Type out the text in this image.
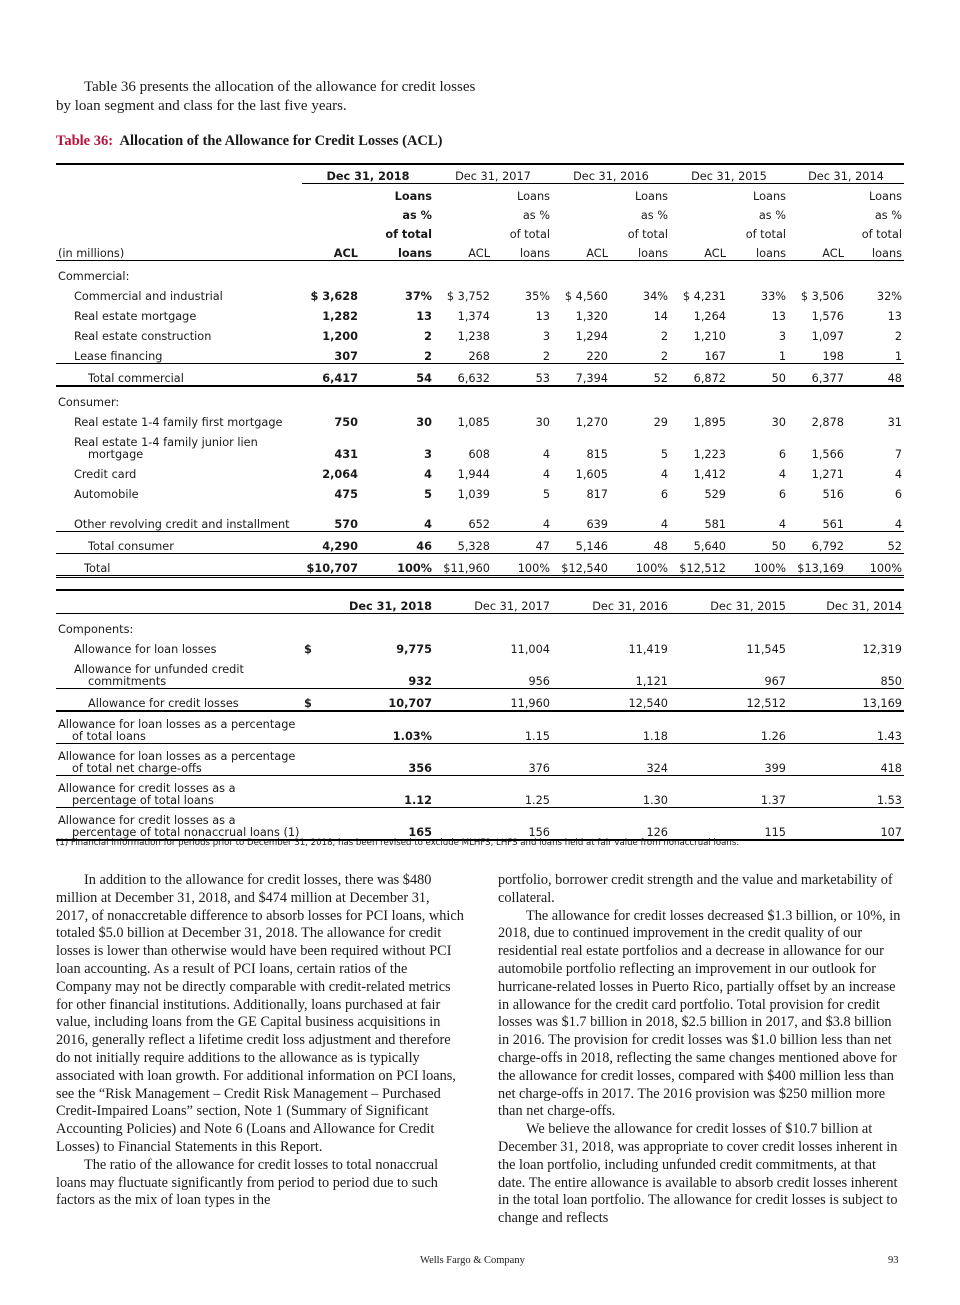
Table 36 presents the allocation of the allowance for credit losses by loan segment and class for the last five years.

Table 36: Allocation of the Allowance for Credit Losses (ACL)
	Dec 31, 2018		Dec 31, 2017		Dec 31, 2016		Dec 31, 2015		Dec 31, 2014	
		Loans		Loans		Loans		Loans		Loans
		as %		as %		as %		as %		as %
		of total		of total		of total		of total		of total
(in millions)	ACL	loans	ACL	loans	ACL	loans	ACL	loans	ACL	loans
Commercial:										
Commercial and industrial	$ 3,628	37%	$ 3,752	35%	$ 4,560	34%	$ 4,231	33%	$ 3,506	32%
Real estate mortgage	1,282	13	1,374	13	1,320	14	1,264	13	1,576	13
Real estate construction	1,200	2	1,238	3	1,294	2	1,210	3	1,097	2
Lease financing	307	2	268	2	220	2	167	1	198	1
Total commercial	6,417	54	6,632	53	7,394	52	6,872	50	6,377	48
Consumer:										
Real estate 1-4 family first mortgage	750	30	1,085	30	1,270	29	1,895	30	2,878	31
Real estate 1-4 family junior lien
mortgage	431	3	608	4	815	5	1,223	6	1,566	7
Credit card	2,064	4	1,944	4	1,605	4	1,412	4	1,271	4
Automobile	475	5	1,039	5	817	6	529	6	516	6

Other revolving credit and installment	570	4	652	4	639	4	581	4	561	4
Total consumer	4,290	46	5,328	47	5,146	48	5,640	50	6,792	52
Total	$10,707	100%	$11,960	100%	$12,540	100%	$12,512	100%	$13,169	100%
		Dec 31, 2018	Dec 31, 2017	Dec 31, 2016	Dec 31, 2015	Dec 31, 2014
Components:						
Allowance for loan losses	$	9,775	11,004	11,419	11,545	12,319
Allowance for unfunded credit
commitments		932	956	1,121	967	850
Allowance for credit losses	$	10,707	11,960	12,540	12,512	13,169
Allowance for loan losses as a percentage
of total loans		1.03%	1.15	1.18	1.26	1.43
Allowance for loan losses as a percentage
of total net charge-offs		356	376	324	399	418
Allowance for credit losses as a
percentage of total loans		1.12	1.25	1.30	1.37	1.53
Allowance for credit losses as a
percentage of total nonaccrual loans (1)		165	156	126	115	107
(1) Financial information for periods prior to December 31, 2018, has been revised to exclude MLHFS, LHFS and loans held at fair value from nonaccrual loans.

In addition to the allowance for credit losses, there was $480 million at December 31, 2018, and $474 million at December 31, 2017, of nonaccretable difference to absorb losses for PCI loans, which totaled $5.0 billion at December 31, 2018. The allowance for credit losses is lower than otherwise would have been required without PCI loan accounting. As a result of PCI loans, certain ratios of the Company may not be directly comparable with credit-related metrics for other financial institutions. Additionally, loans purchased at fair value, including loans from the GE Capital business acquisitions in 2016, generally reflect a lifetime credit loss adjustment and therefore do not initially require additions to the allowance as is typically associated with loan growth. For additional information on PCI loans, see the “Risk Management – Credit Risk Management – Purchased Credit-Impaired Loans” section, Note 1 (Summary of Significant Accounting Policies) and Note 6 (Loans and Allowance for Credit Losses) to Financial Statements in this Report.

The ratio of the allowance for credit losses to total nonaccrual loans may fluctuate significantly from period to period due to such factors as the mix of loan types in the

portfolio, borrower credit strength and the value and marketability of collateral.

The allowance for credit losses decreased $1.3 billion, or 10%, in 2018, due to continued improvement in the credit quality of our residential real estate portfolios and a decrease in allowance for our automobile portfolio reflecting an improvement in our outlook for hurricane-related losses in Puerto Rico, partially offset by an increase in allowance for the credit card portfolio. Total provision for credit losses was $1.7 billion in 2018, $2.5 billion in 2017, and $3.8 billion in 2016. The provision for credit losses was $1.0 billion less than net charge-offs in 2018, reflecting the same changes mentioned above for the allowance for credit losses, compared with $400 million less than net charge-offs in 2017. The 2016 provision was $250 million more than net charge-offs.

We believe the allowance for credit losses of $10.7 billion at December 31, 2018, was appropriate to cover credit losses inherent in the loan portfolio, including unfunded credit commitments, at that date. The entire allowance is available to absorb credit losses inherent in the total loan portfolio. The allowance for credit losses is subject to change and reflects

Wells Fargo & Company	93
